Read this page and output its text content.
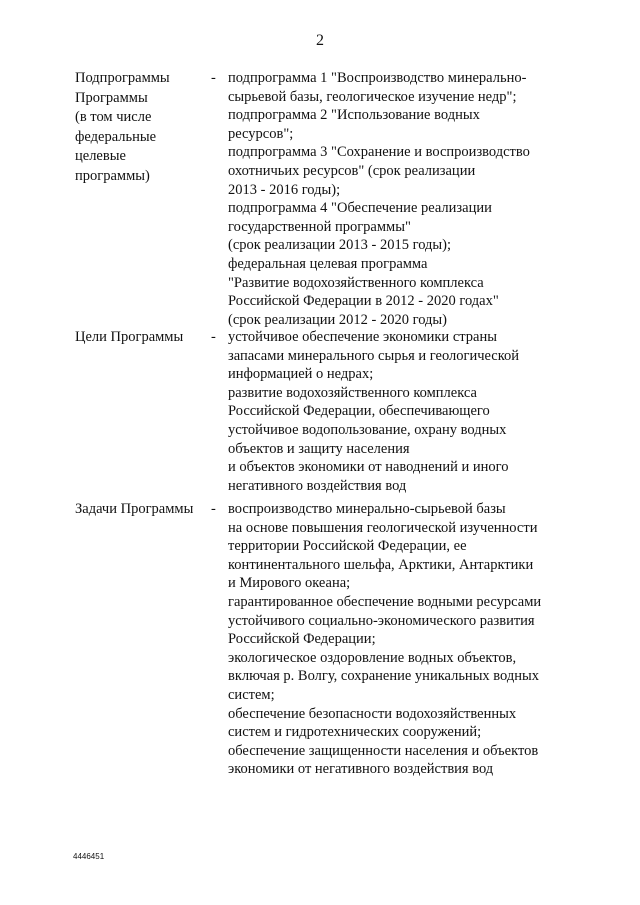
2
Подпрограммы
Программы
(в том числе
федеральные
целевые
программы)
- подпрограмма 1 "Воспроизводство минерально-
сырьевой базы, геологическое изучение недр";
подпрограмма 2 "Использование водных
ресурсов";
подпрограмма 3 "Сохранение и воспроизводство
охотничьих ресурсов" (срок реализации
2013 - 2016 годы);
подпрограмма 4 "Обеспечение реализации
государственной программы"
(срок реализации 2013 - 2015 годы);
федеральная целевая программа
"Развитие водохозяйственного комплекса
Российской Федерации в 2012 - 2020 годах"
(срок реализации 2012 - 2020 годы)
Цели Программы	- устойчивое обеспечение экономики страны
запасами минерального сырья и геологической
информацией о недрах;
развитие водохозяйственного комплекса
Российской Федерации, обеспечивающего
устойчивое водопользование, охрану водных
объектов и защиту населения
и объектов экономики от наводнений и иного
негативного воздействия вод
Задачи Программы	- воспроизводство минерально-сырьевой базы
на основе повышения геологической изученности
территории Российской Федерации, ее
континентального шельфа, Арктики, Антарктики
и Мирового океана;
гарантированное обеспечение водными ресурсами
устойчивого социально-экономического развития
Российской Федерации;
экологическое оздоровление водных объектов,
включая р. Волгу, сохранение уникальных водных
систем;
обеспечение безопасности водохозяйственных
систем и гидротехнических сооружений;
обеспечение защищенности населения и объектов
экономики от негативного воздействия вод
4446451
